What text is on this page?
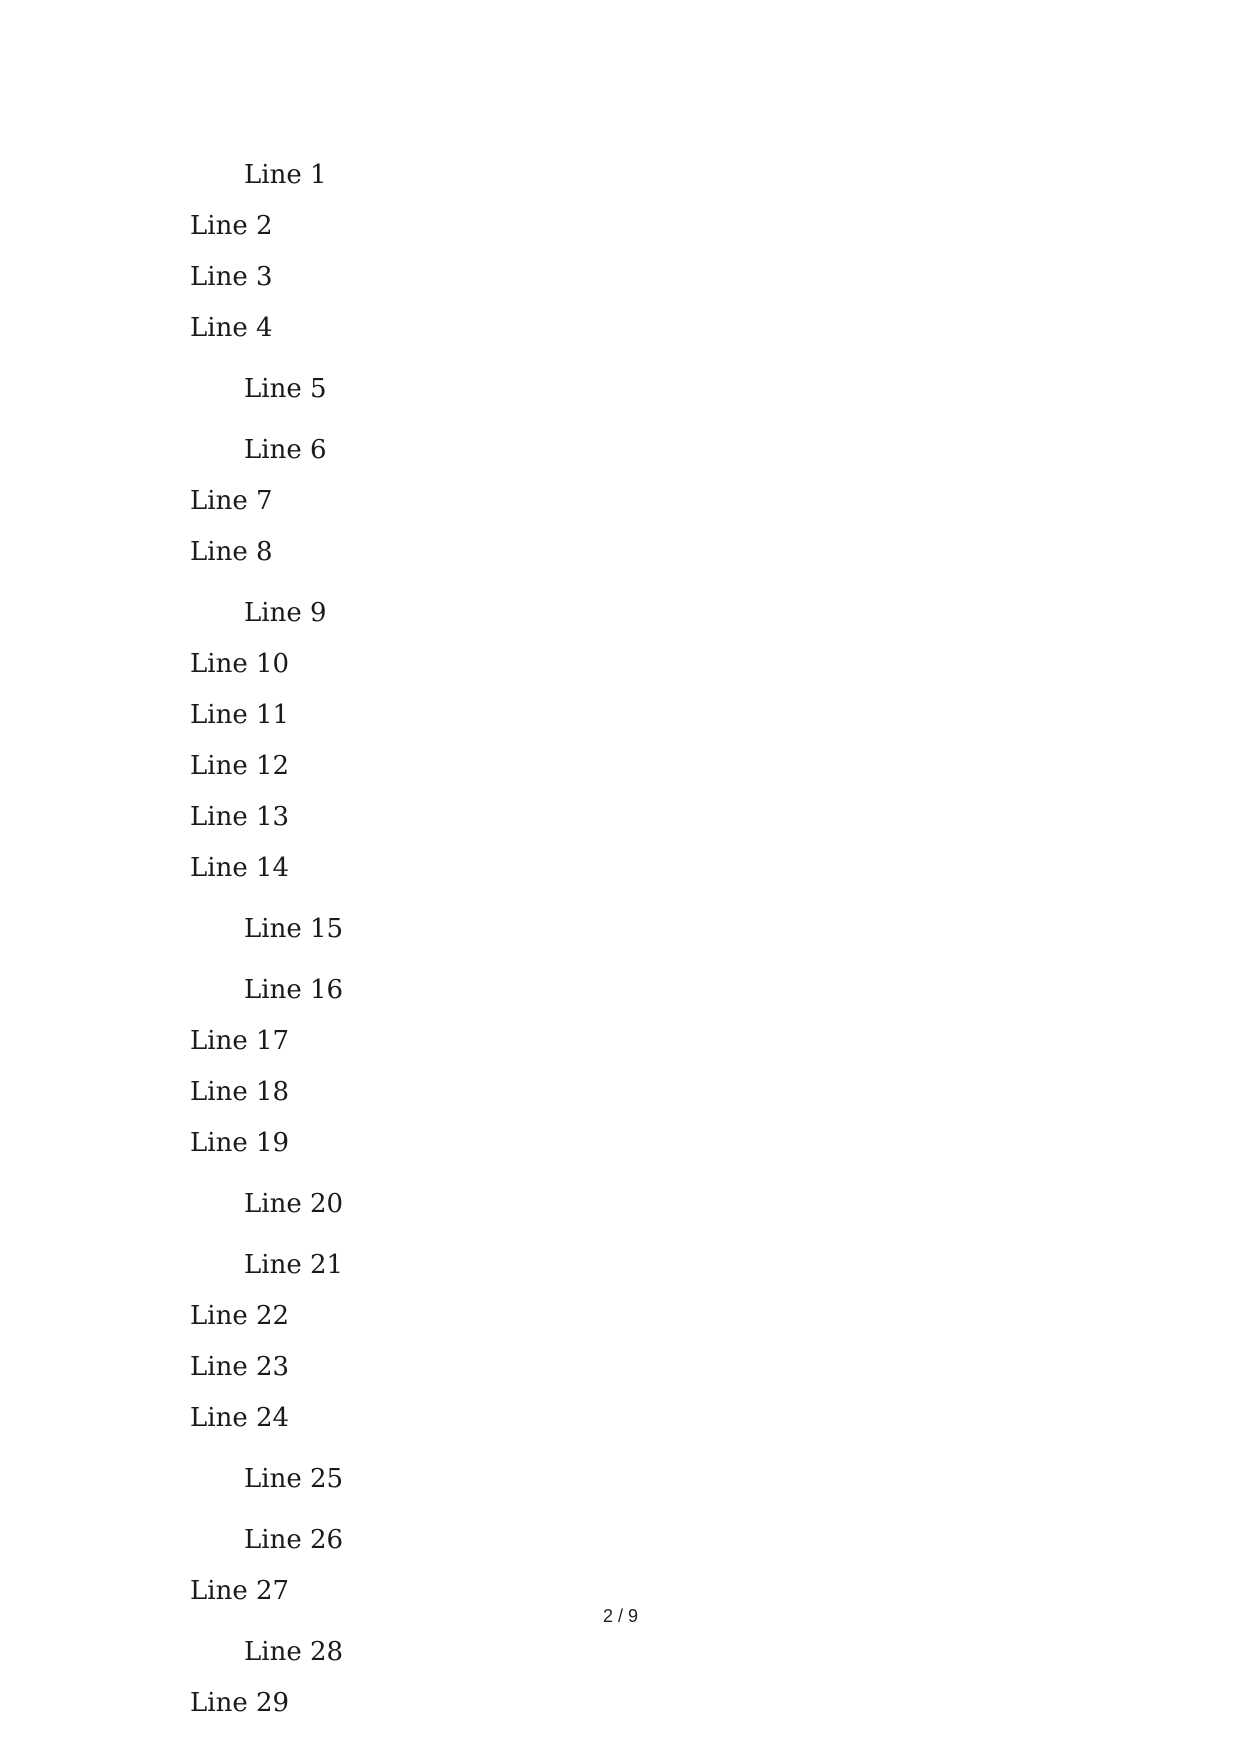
Line 1
Line 2
Line 3
Line 4
Line 5
Line 6
Line 7
Line 8
Line 9
Line 10
Line 11
Line 12
Line 13
Line 14
Line 15
Line 16
Line 17
Line 18
Line 19
Line 20
Line 21
Line 22
Line 23
Line 24
Line 25
Line 26
Line 27
Line 28
Line 29
2 / 9
